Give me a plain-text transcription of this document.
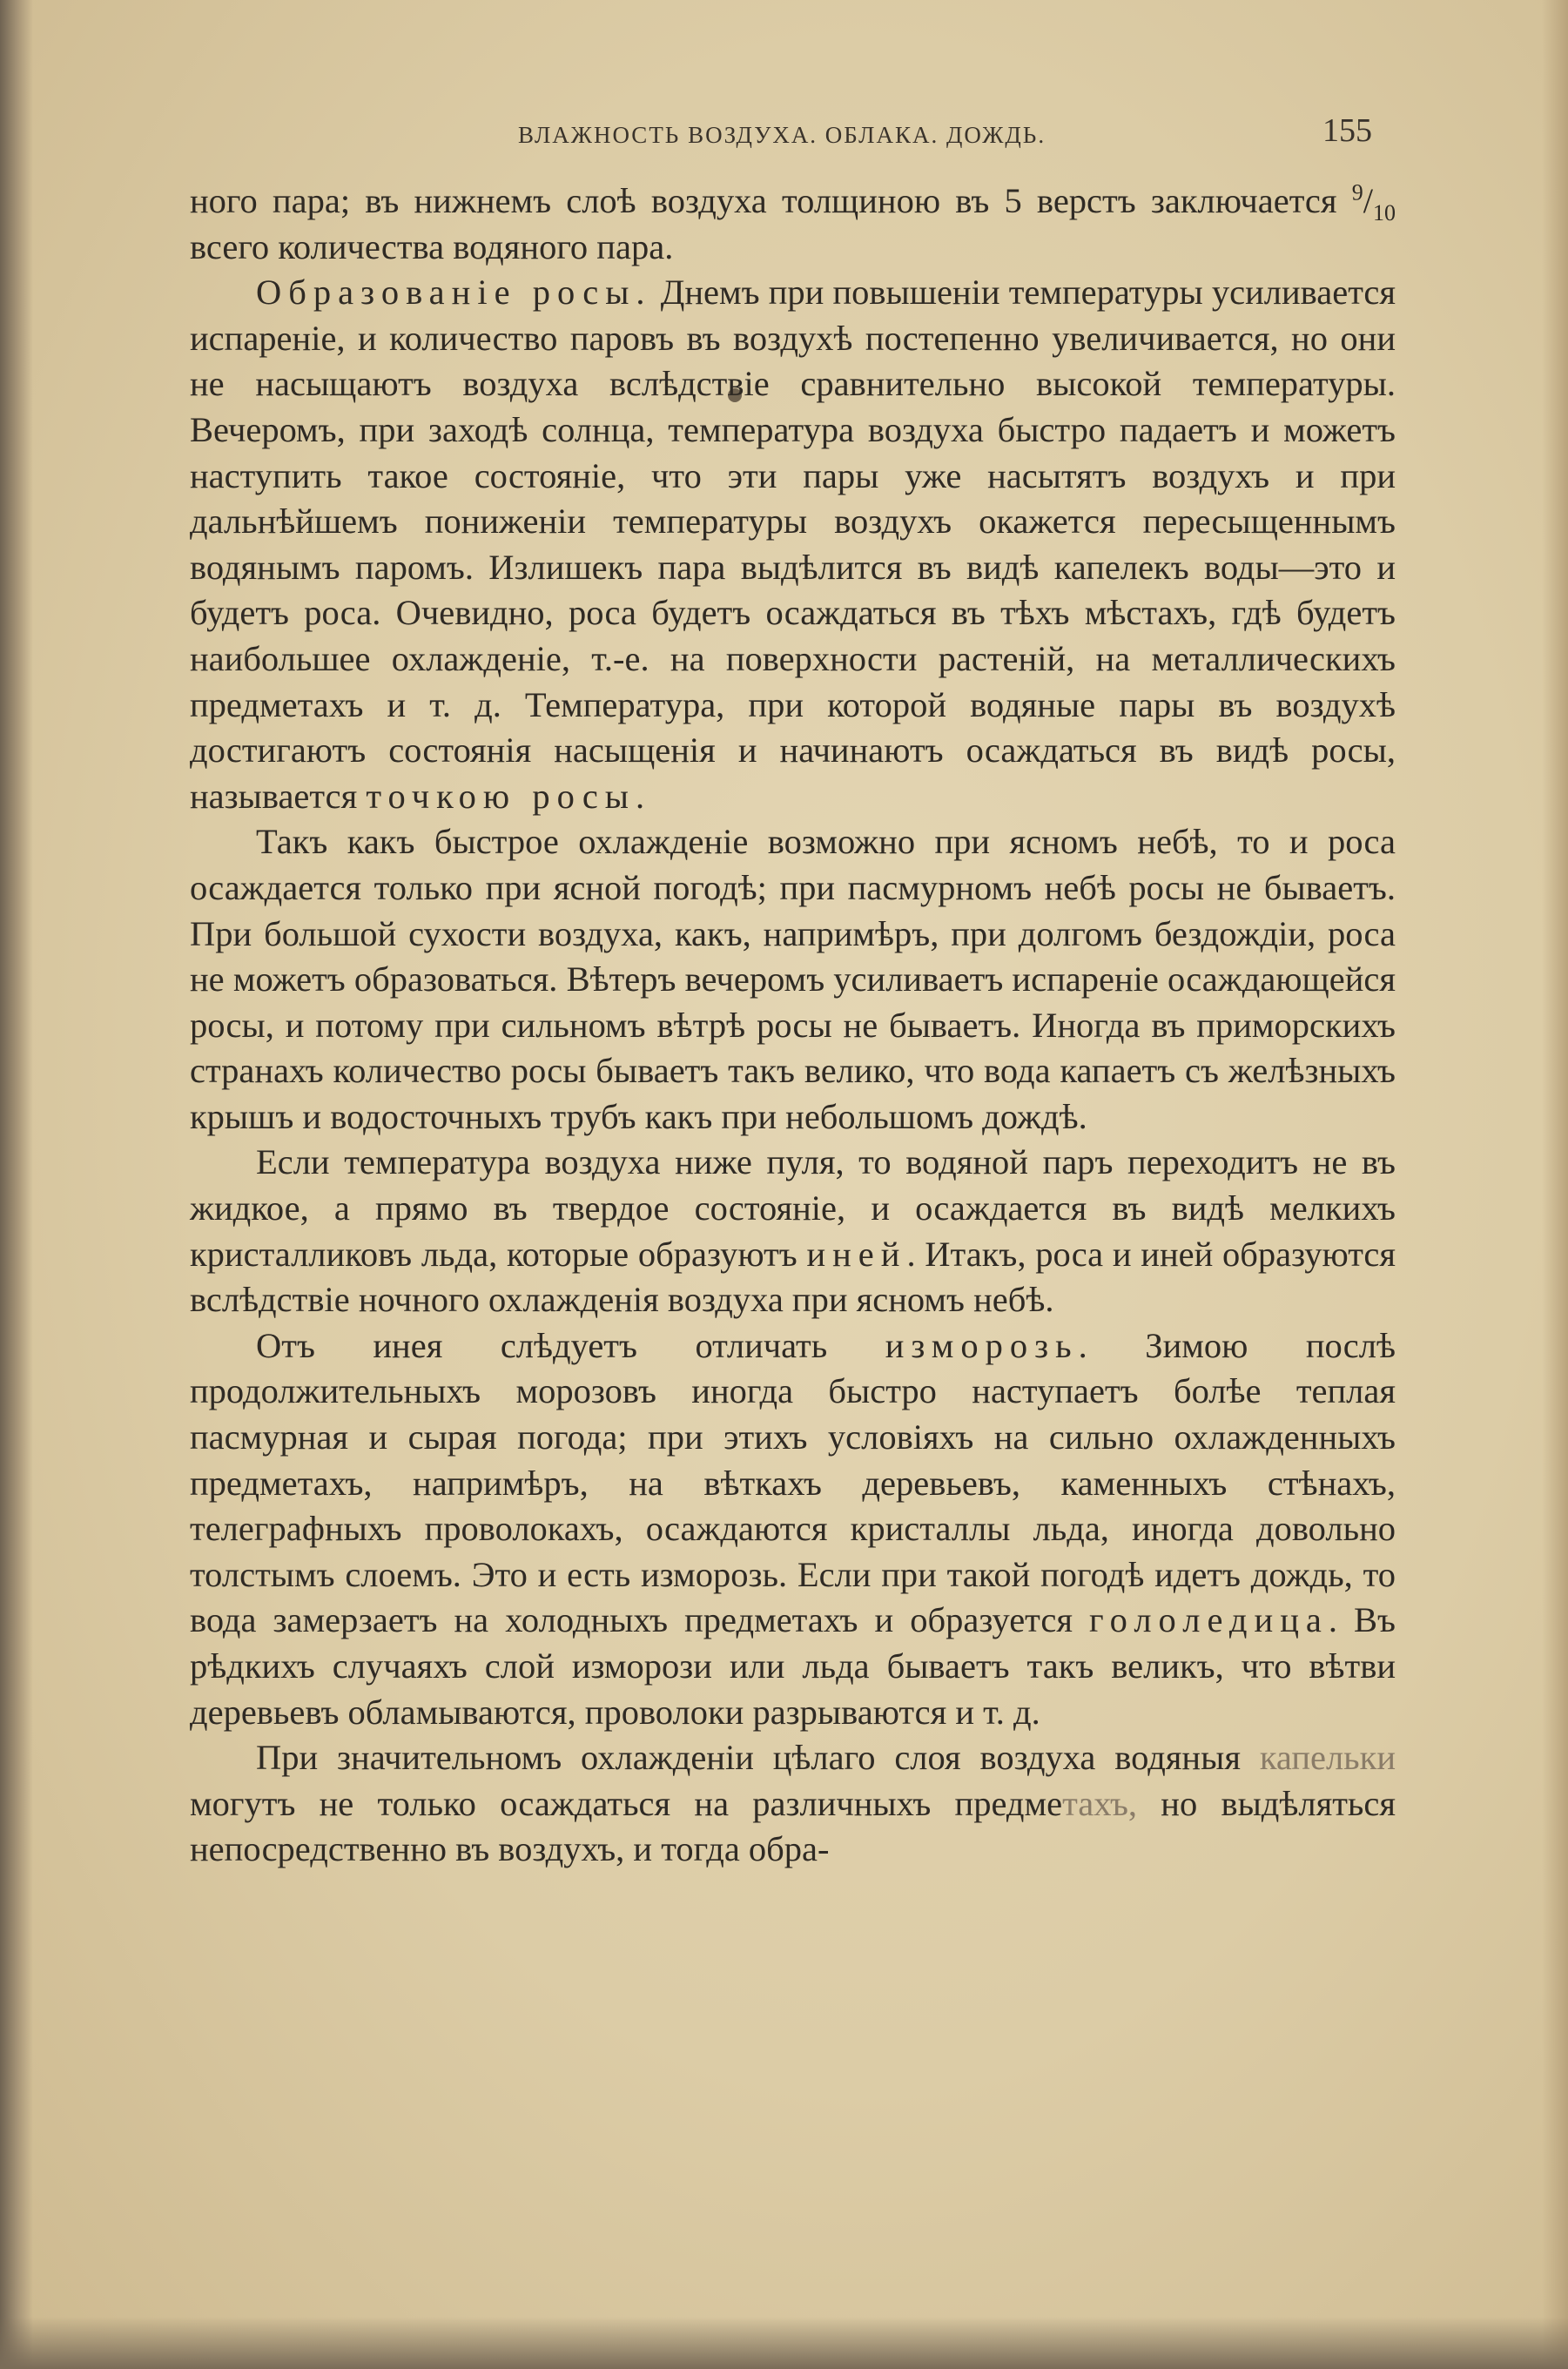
ВЛАЖНОСТЬ ВОЗДУХА. ОБЛАКА. ДОЖДЬ.	155

ного пара; въ нижнемъ слоѣ воздуха толщиною въ 5 верстъ заключается $^9/_{10}$ всего количества водяного пара.

Образованіе росы. Днемъ при повышеніи температуры усиливается испареніе, и количество паровъ въ воздухѣ постепенно увеличивается, но они не насыщаютъ воздуха вслѣдствіе сравнительно высокой температуры. Вечеромъ, при заходѣ солнца, температура воздуха быстро падаетъ и можетъ наступить такое состояніе, что эти пары уже насытятъ воздухъ и при дальнѣйшемъ пониженіи температуры воздухъ окажется пересыщеннымъ водянымъ паромъ. Излишекъ пара выдѣлится въ видѣ капелекъ воды—это и будетъ роса. Очевидно, роса будетъ осаждаться въ тѣхъ мѣстахъ, гдѣ будетъ наибольшее охлажденіе, т.-е. на поверхности растеній, на металлическихъ предметахъ и т. д. Температура, при которой водяные пары въ воздухѣ достигаютъ состоянія насыщенія и начинаютъ осаждаться въ видѣ росы, называется точкою росы.

Такъ какъ быстрое охлажденіе возможно при ясномъ небѣ, то и роса осаждается только при ясной погодѣ; при пасмурномъ небѣ росы не бываетъ. При большой сухости воздуха, какъ, напримѣръ, при долгомъ бездождіи, роса не можетъ образоваться. Вѣтеръ вечеромъ усиливаетъ испареніе осаждающейся росы, и потому при сильномъ вѣтрѣ росы не бываетъ. Иногда въ приморскихъ странахъ количество росы бываетъ такъ велико, что вода капаетъ съ желѣзныхъ крышъ и водосточныхъ трубъ какъ при небольшомъ дождѣ.

Если температура воздуха ниже пуля, то водяной паръ переходитъ не въ жидкое, а прямо въ твердое состояніе, и осаждается въ видѣ мелкихъ кристалликовъ льда, которые образуютъ иней. Итакъ, роса и иней образуются вслѣдствіе ночного охлажденія воздуха при ясномъ небѣ.

Отъ инея слѣдуетъ отличать изморозь. Зимою послѣ продолжительныхъ морозовъ иногда быстро наступаетъ болѣе теплая пасмурная и сырая погода; при этихъ условіяхъ на сильно охлажденныхъ предметахъ, напримѣръ, на вѣткахъ деревьевъ, каменныхъ стѣнахъ, телеграфныхъ проволокахъ, осаждаются кристаллы льда, иногда довольно толстымъ слоемъ. Это и есть изморозь. Если при такой погодѣ идетъ дождь, то вода замерзаетъ на холодныхъ предметахъ и образуется гололедица. Въ рѣдкихъ случаяхъ слой изморози или льда бываетъ такъ великъ, что вѣтви деревьевъ обламываются, проволоки разрываются и т. д.

При значительномъ охлажденіи цѣлаго слоя воздуха водяныя капельки могутъ не только осаждаться на различныхъ предметахъ, но выдѣляться непосредственно въ воздухъ, и тогда обра-
